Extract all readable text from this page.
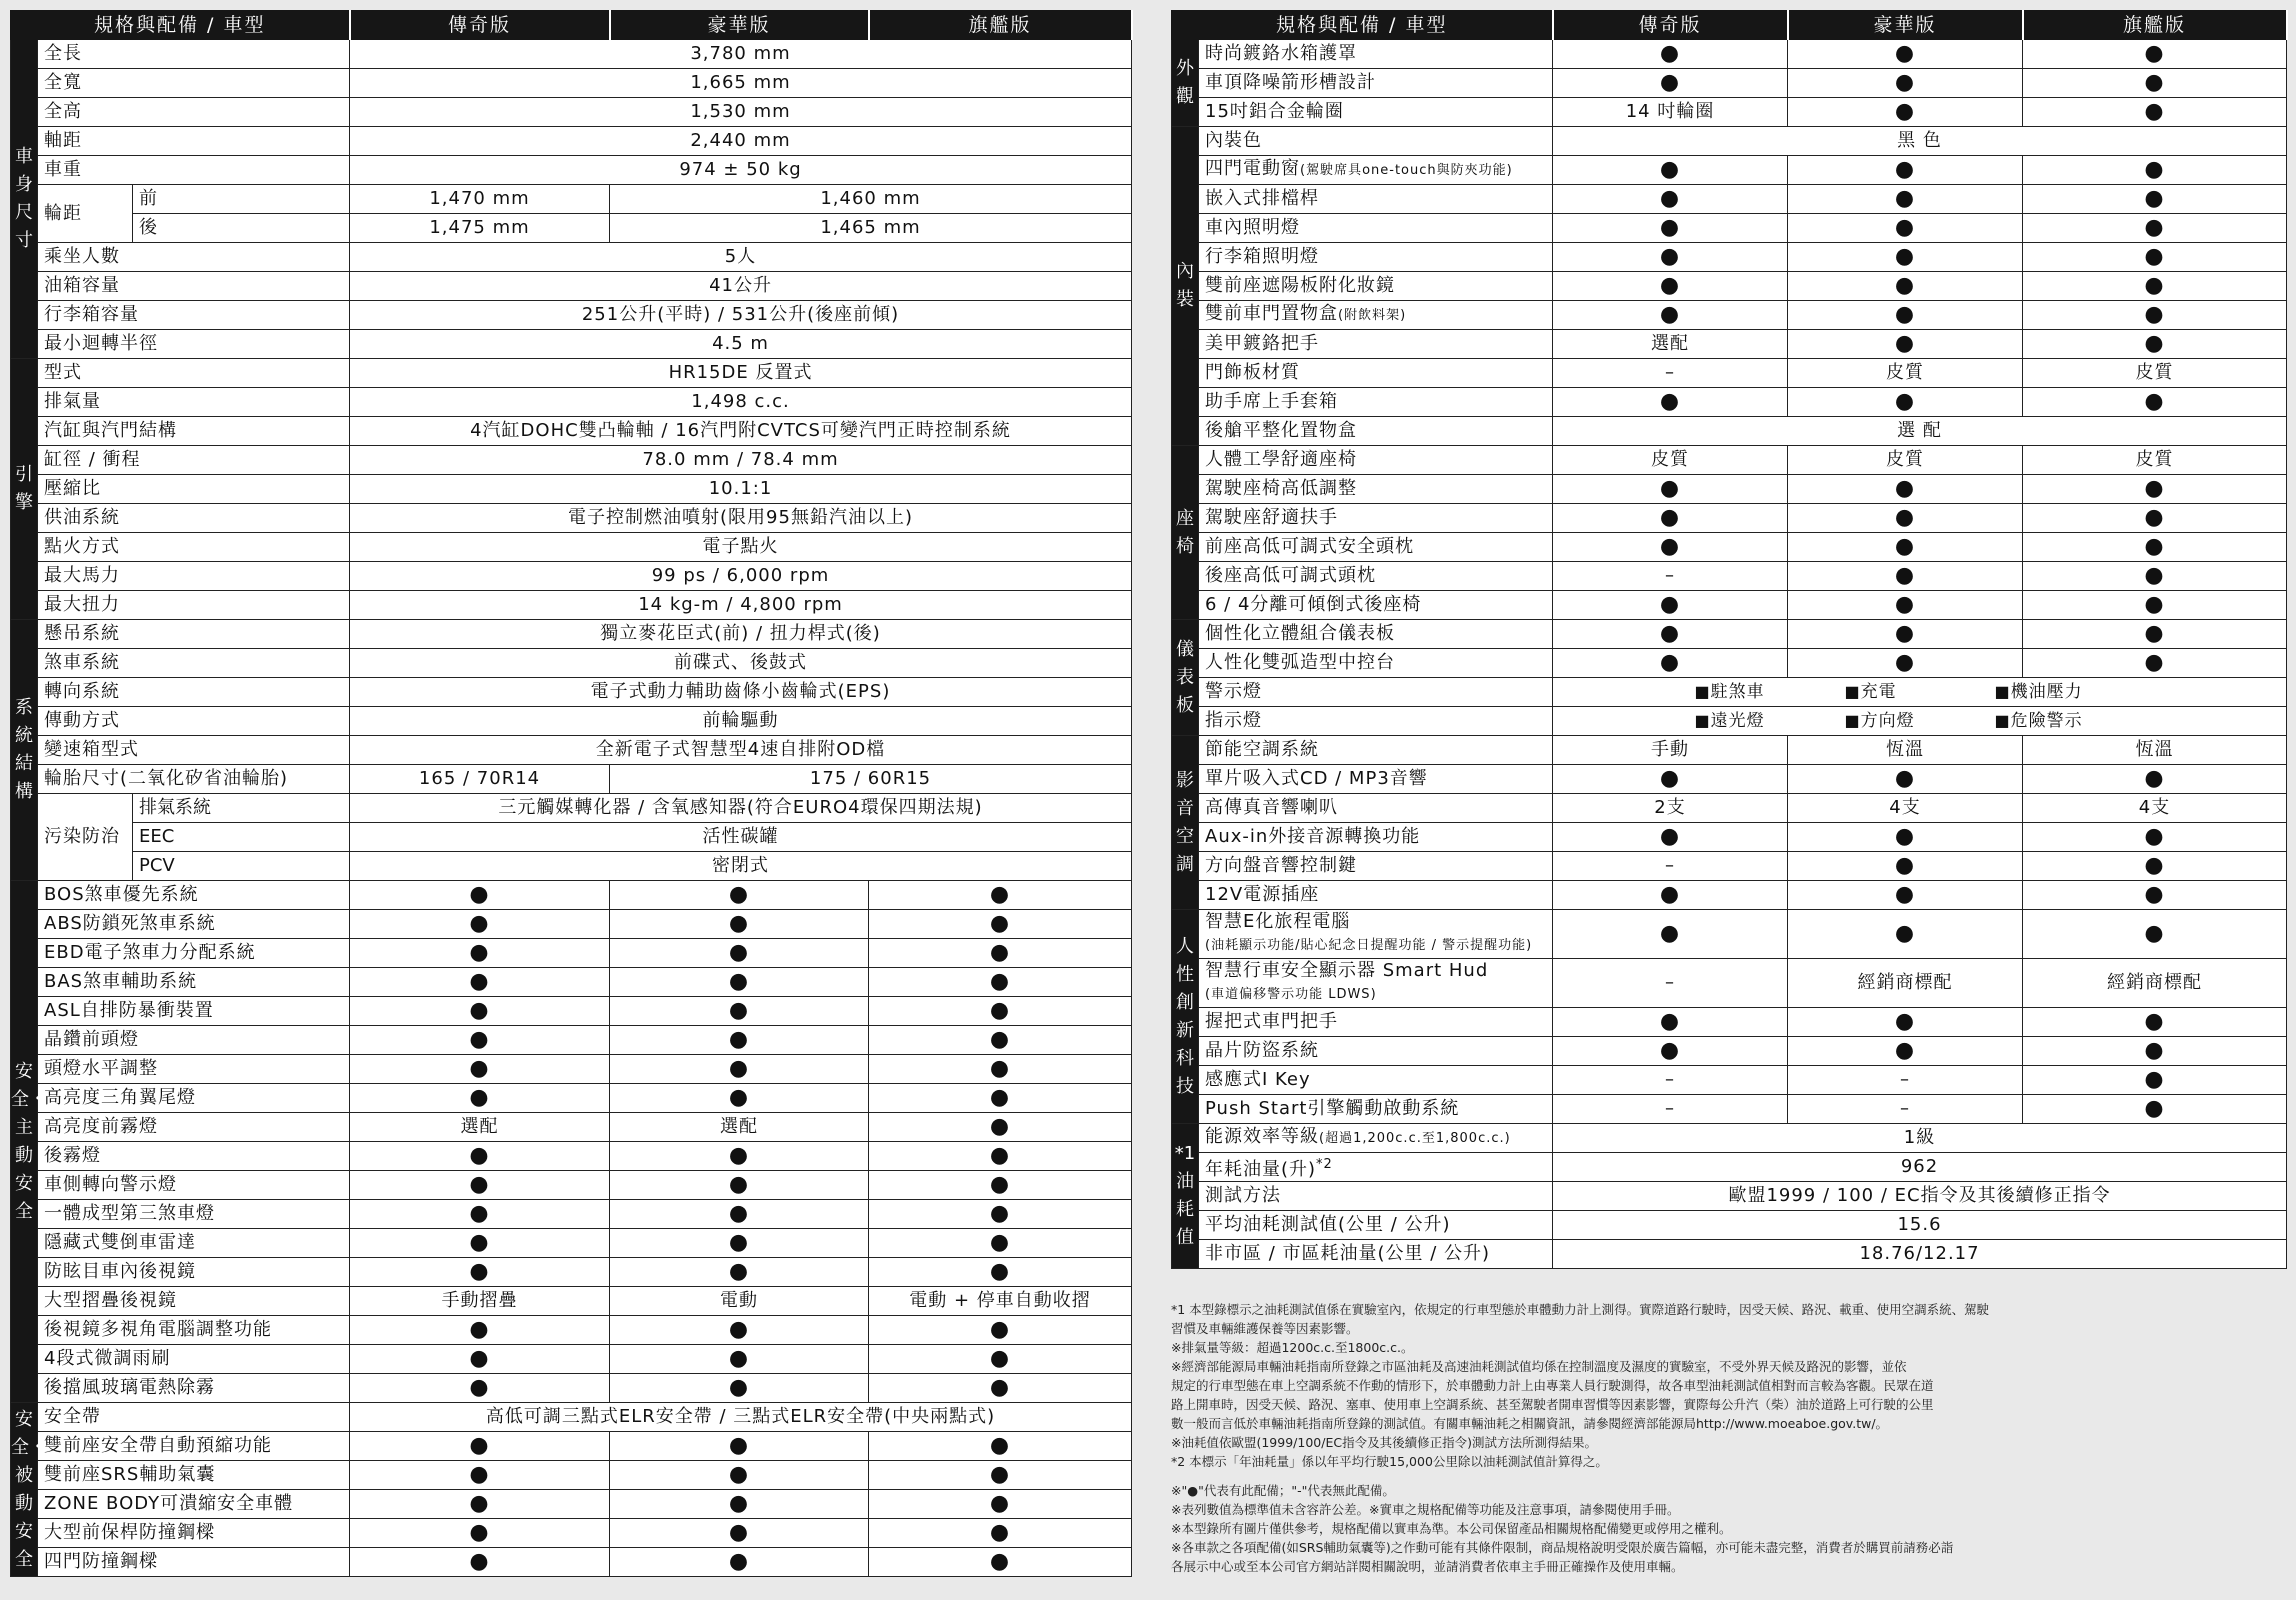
規格與配備 / 車型			傳奇版	豪華版	旗艦版
車身尺寸	全長		3,780 mm		
	全寬		1,665 mm		
	全高		1,530 mm		
	軸距		2,440 mm		
	車重		974 ± 50 kg		
	輪距	前	1,470 mm	1,460 mm	
		後	1,475 mm	1,465 mm	
	乘坐人數		5人		
	油箱容量		41公升		
	行李箱容量		251公升(平時) / 531公升(後座前傾)		
	最小迴轉半徑		4.5 m		
引擎	型式		HR15DE 反置式		
	排氣量		1,498 c.c.		
	汽缸與汽門結構		4汽缸DOHC雙凸輪軸 / 16汽門附CVTCS可變汽門正時控制系統		
	缸徑 / 衝程		78.0 mm / 78.4 mm		
	壓縮比		10.1:1		
	供油系統		電子控制燃油噴射(限用95無鉛汽油以上)		
	點火方式		電子點火		
	最大馬力		99 ps / 6,000 rpm		
	最大扭力		14 kg-m / 4,800 rpm		
系統結構	懸吊系統		獨立麥花臣式(前) / 扭力桿式(後)		
	煞車系統		前碟式、後鼓式		
	轉向系統		電子式動力輔助齒條小齒輪式(EPS)		
	傳動方式		前輪驅動		
	變速箱型式		全新電子式智慧型4速自排附OD檔		
	輪胎尺寸(二氧化矽省油輪胎)		165 / 70R14	175 / 60R15	
	污染防治	排氣系統	三元觸媒轉化器 / 含氧感知器(符合EURO4環保四期法規)		
		EEC	活性碳罐		
		PCV	密閉式		
安全・主動安全	BOS煞車優先系統		●	●	●
	ABS防鎖死煞車系統		●	●	●
	EBD電子煞車力分配系統		●	●	●
	BAS煞車輔助系統		●	●	●
	ASL自排防暴衝裝置		●	●	●
	晶鑽前頭燈		●	●	●
	頭燈水平調整		●	●	●
	高亮度三角翼尾燈		●	●	●
	高亮度前霧燈		選配	選配	●
	後霧燈		●	●	●
	車側轉向警示燈		●	●	●
	一體成型第三煞車燈		●	●	●
	隱藏式雙倒車雷達		●	●	●
	防眩目車內後視鏡		●	●	●
	大型摺疊後視鏡		手動摺疊	電動	電動 + 停車自動收摺
	後視鏡多視角電腦調整功能		●	●	●
	4段式微調雨刷		●	●	●
	後擋風玻璃電熱除霧		●	●	●
安全・被動安全	安全帶		高低可調三點式ELR安全帶 / 三點式ELR安全帶(中央兩點式)		
	雙前座安全帶自動預縮功能		●	●	●
	雙前座SRS輔助氣囊		●	●	●
	ZONE BODY可潰縮安全車體		●	●	●
	大型前保桿防撞鋼樑		●	●	●
	四門防撞鋼樑		●	●	●
規格與配備 / 車型		傳奇版	豪華版	旗艦版
外觀	時尚鍍鉻水箱護罩	●	●	●
	車頂降噪箭形槽設計	●	●	●
	15吋鋁合金輪圈	14 吋輪圈	●	●
內裝	內裝色	黑 色		
	四門電動窗(駕駛席具one-touch與防夾功能)	●	●	●
	嵌入式排檔桿	●	●	●
	車內照明燈	●	●	●
	行李箱照明燈	●	●	●
	雙前座遮陽板附化妝鏡	●	●	●
	雙前車門置物盒(附飲料架)	●	●	●
	美甲鍍鉻把手	選配	●	●
	門飾板材質	–	皮質	皮質
	助手席上手套箱	●	●	●
	後艙平整化置物盒	選 配		
座椅	人體工學舒適座椅	皮質	皮質	皮質
	駕駛座椅高低調整	●	●	●
	駕駛座舒適扶手	●	●	●
	前座高低可調式安全頭枕	●	●	●
	後座高低可調式頭枕	–	●	●
	6 / 4分離可傾倒式後座椅	●	●	●
儀表板	個性化立體組合儀表板	●	●	●
	人性化雙弧造型中控台	●	●	●
	警示燈	■駐煞車 ■充電 ■機油壓力		
	指示燈	■遠光燈 ■方向燈 ■危險警示		
影音空調	節能空調系統	手動	恆溫	恆溫
	單片吸入式CD / MP3音響	●	●	●
	高傳真音響喇叭	2支	4支	4支
	Aux-in外接音源轉換功能	●	●	●
	方向盤音響控制鍵	–	●	●
	12V電源插座	●	●	●
人性創新科技	智慧E化旅程電腦
(油耗顯示功能/貼心紀念日提醒功能 / 警示提醒功能)	●	●	●

	智慧行車安全顯示器 Smart Hud
(車道偏移警示功能 LDWS)	–	經銷商標配	經銷商標配
	握把式車門把手	●	●	●
	晶片防盜系統	●	●	●
	感應式I Key	–	–	●
	Push Start引擎觸動啟動系統	–	–	●
*1油耗值	能源效率等級(超過1,200c.c.至1,800c.c.)	1級		
	年耗油量(升)$^{*2}$	962		
	測試方法	歐盟1999 / 100 / EC指令及其後續修正指令		
	平均油耗測試值(公里 / 公升)	15.6		
	非市區 / 市區耗油量(公里 / 公升)	18.76/12.17		

*1 本型錄標示之油耗測試值係在實驗室內，依規定的行車型態於車體動力計上測得。實際道路行駛時，因受天候、路況、載重、使用空調系統、駕駛

習慣及車輛維護保養等因素影響。

※排氣量等級：超過1200c.c.至1800c.c.。

※經濟部能源局車輛油耗指南所登錄之市區油耗及高速油耗測試值均係在控制溫度及濕度的實驗室，不受外界天候及路況的影響，並依

規定的行車型態在車上空調系統不作動的情形下，於車體動力計上由專業人員行駛測得，故各車型油耗測試值相對而言較為客觀。民眾在道

路上開車時，因受天候、路況、塞車、使用車上空調系統、甚至駕駛者開車習慣等因素影響，實際每公升汽（柴）油於道路上可行駛的公里

數一般而言低於車輛油耗指南所登錄的測試值。有關車輛油耗之相關資訊，請參閱經濟部能源局http://www.moeaboe.gov.tw/。

※油耗值依歐盟(1999/100/EC指令及其後續修正指令)測試方法所測得結果。

*2 本標示「年油耗量」係以年平均行駛15,000公里除以油耗測試值計算得之。

※"●"代表有此配備；"-"代表無此配備。

※表列數值為標準值未含容許公差。※實車之規格配備等功能及注意事項，請參閱使用手冊。

※本型錄所有圖片僅供參考，規格配備以實車為準。本公司保留產品相關規格配備變更或停用之權利。

※各車款之各項配備(如SRS輔助氣囊等)之作動可能有其條件限制，商品規格說明受限於廣告篇幅，亦可能未盡完整，消費者於購買前請務必詣

各展示中心或至本公司官方網站詳閱相關說明，並請消費者依車主手冊正確操作及使用車輛。
